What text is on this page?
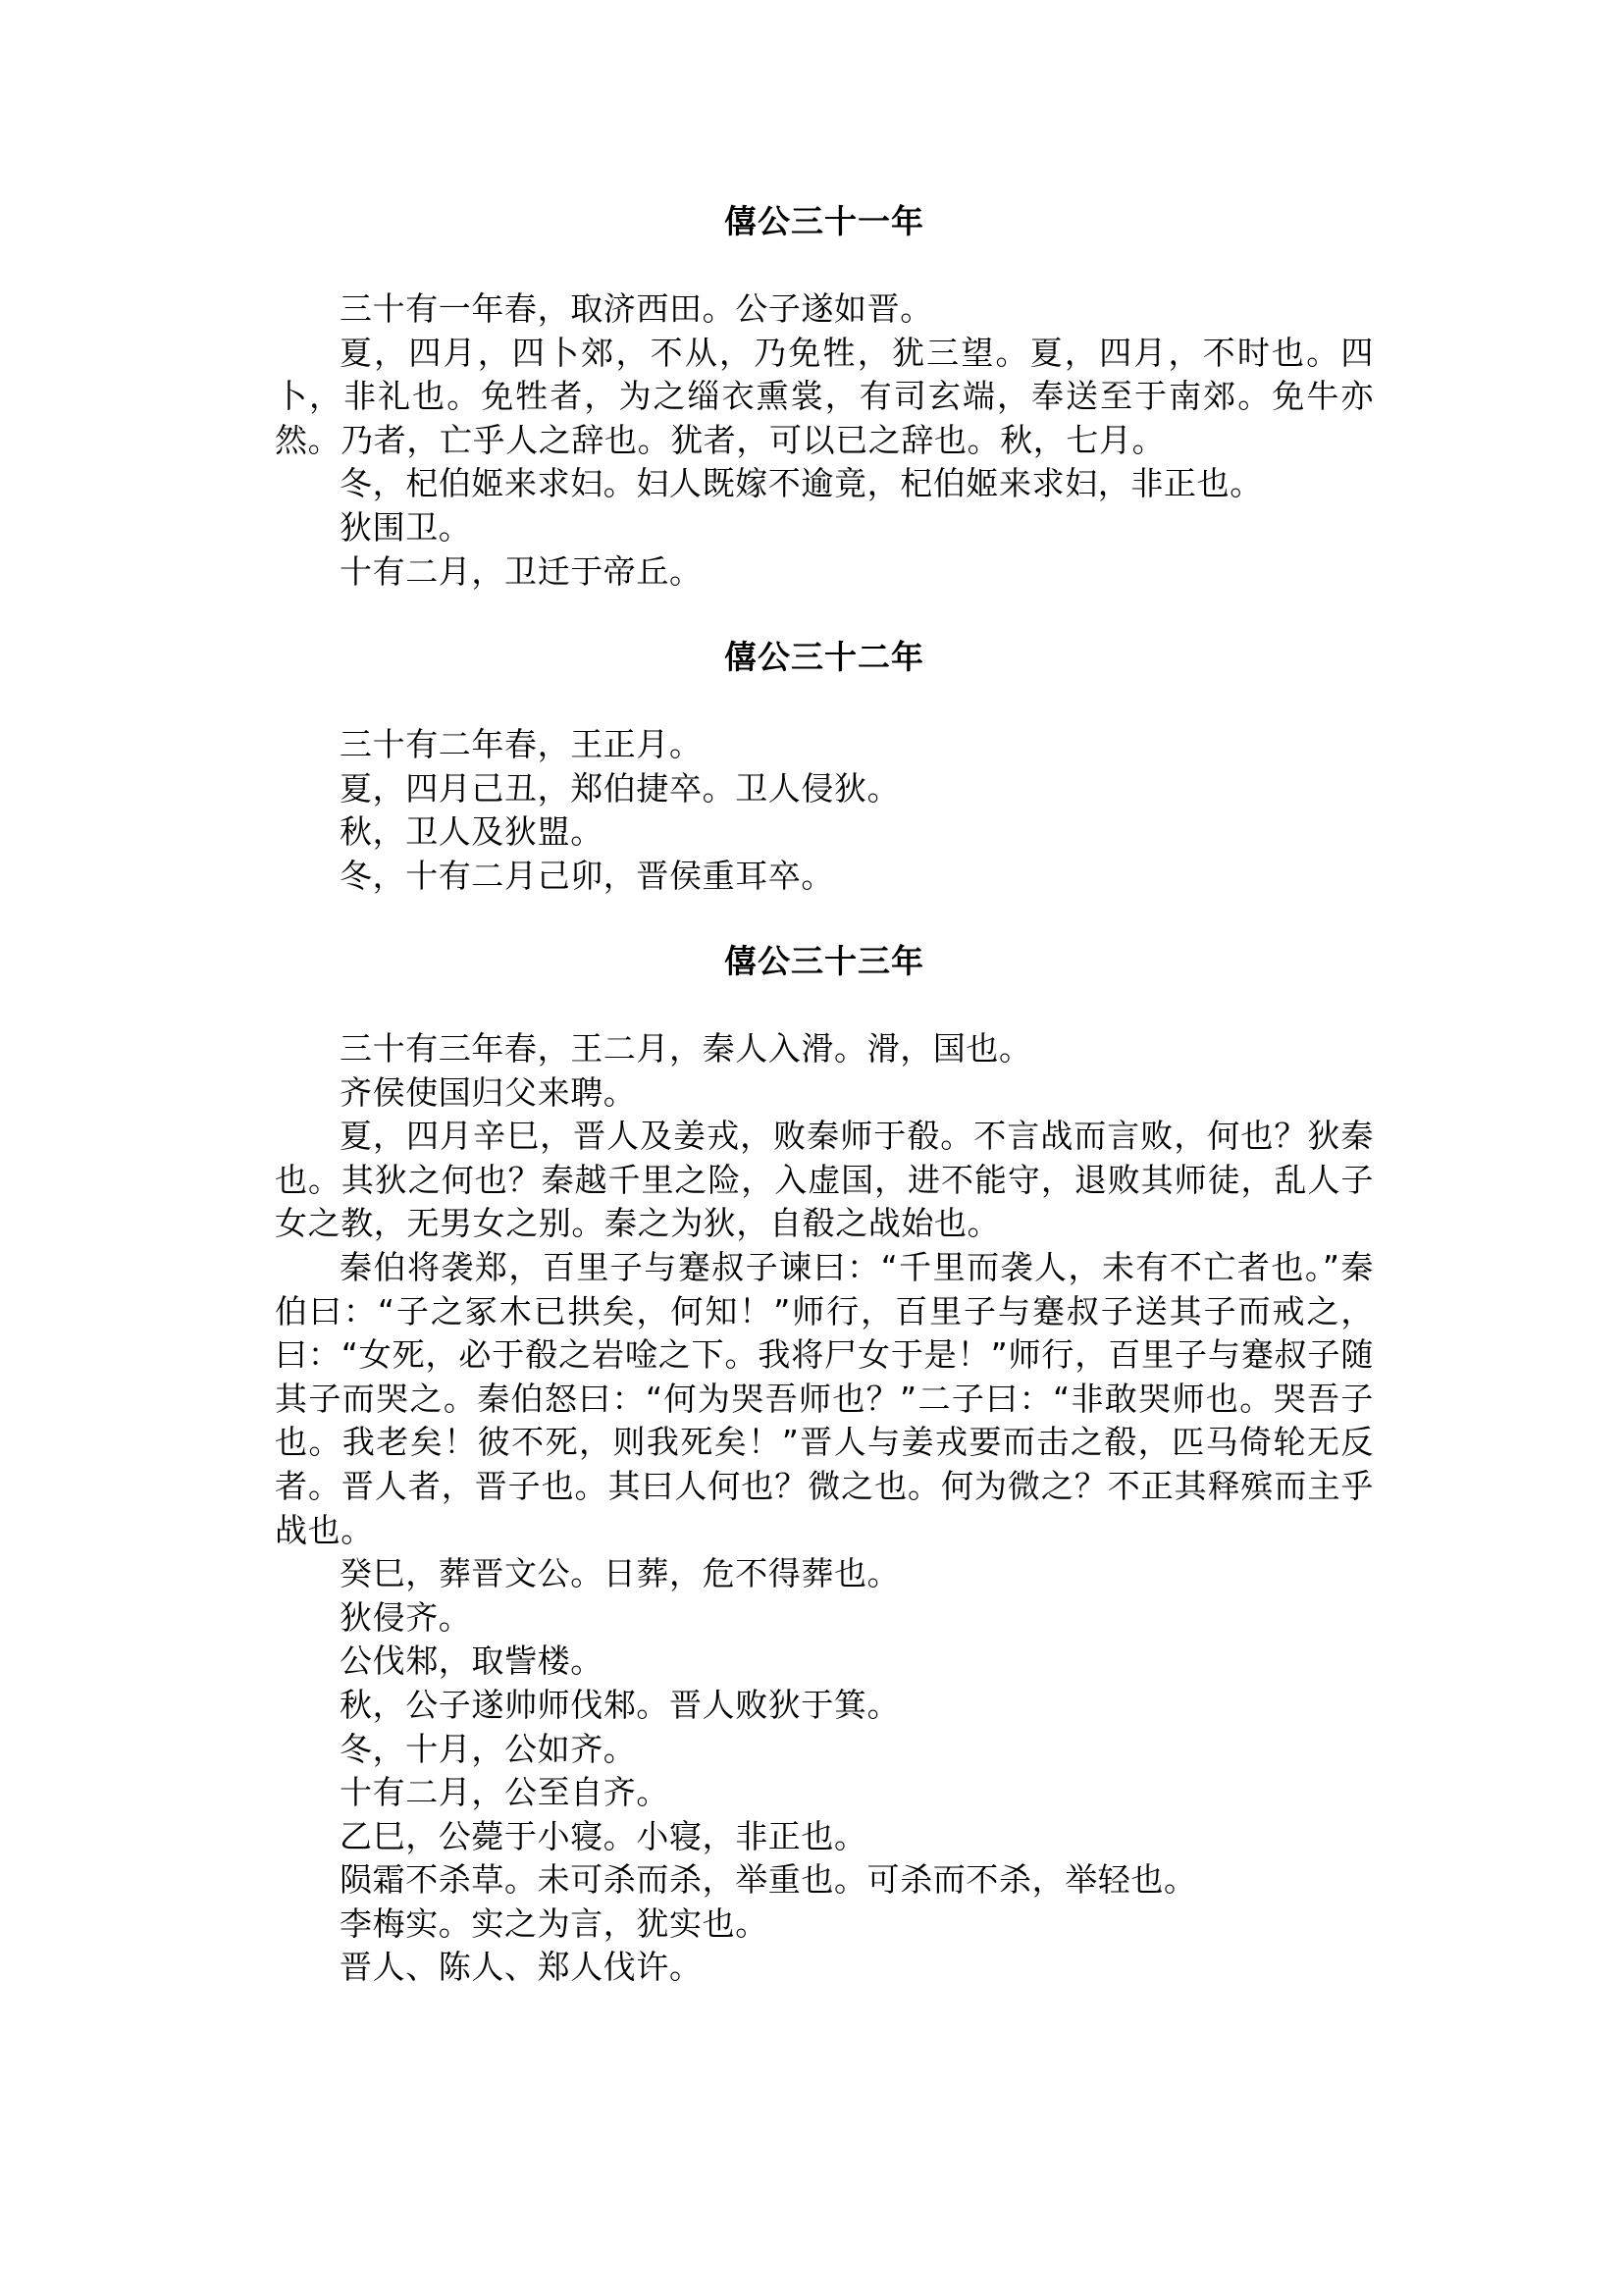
僖公三十一年

三十有一年春，取济西田。公子遂如晋。

夏，四月，四卜郊，不从，乃免牲，犹三望。夏，四月，不时也。四卜，非礼也。免牲者，为之缁衣熏裳，有司玄端，奉送至于南郊。免牛亦然。乃者，亡乎人之辞也。犹者，可以已之辞也。秋，七月。

冬，杞伯姬来求妇。妇人既嫁不逾竟，杞伯姬来求妇，非正也。

狄围卫。

十有二月，卫迁于帝丘。

僖公三十二年

三十有二年春，王正月。

夏，四月己丑，郑伯捷卒。卫人侵狄。

秋，卫人及狄盟。

冬，十有二月己卯，晋侯重耳卒。

僖公三十三年

三十有三年春，王二月，秦人入滑。滑，国也。

齐侯使国归父来聘。

夏，四月辛巳，晋人及姜戎，败秦师于殽。不言战而言败，何也？狄秦也。其狄之何也？秦越千里之险，入虚国，进不能守，退败其师徒，乱人子女之教，无男女之别。秦之为狄，自殽之战始也。

秦伯将袭郑，百里子与蹇叔子谏曰：“千里而袭人，未有不亡者也。”秦伯曰：“子之冢木已拱矣，何知！”师行，百里子与蹇叔子送其子而戒之，曰：“女死，必于殽之岩唫之下。我将尸女于是！”师行，百里子与蹇叔子随其子而哭之。秦伯怒曰：“何为哭吾师也？”二子曰：“非敢哭师也。哭吾子也。我老矣！彼不死，则我死矣！”晋人与姜戎要而击之殽，匹马倚轮无反者。晋人者，晋子也。其曰人何也？微之也。何为微之？不正其释殡而主乎战也。

癸巳，葬晋文公。日葬，危不得葬也。

狄侵齐。

公伐邾，取訾楼。

秋，公子遂帅师伐邾。晋人败狄于箕。

冬，十月，公如齐。

十有二月，公至自齐。

乙巳，公薨于小寝。小寝，非正也。

陨霜不杀草。未可杀而杀，举重也。可杀而不杀，举轻也。

李梅实。实之为言，犹实也。

晋人、陈人、郑人伐许。
